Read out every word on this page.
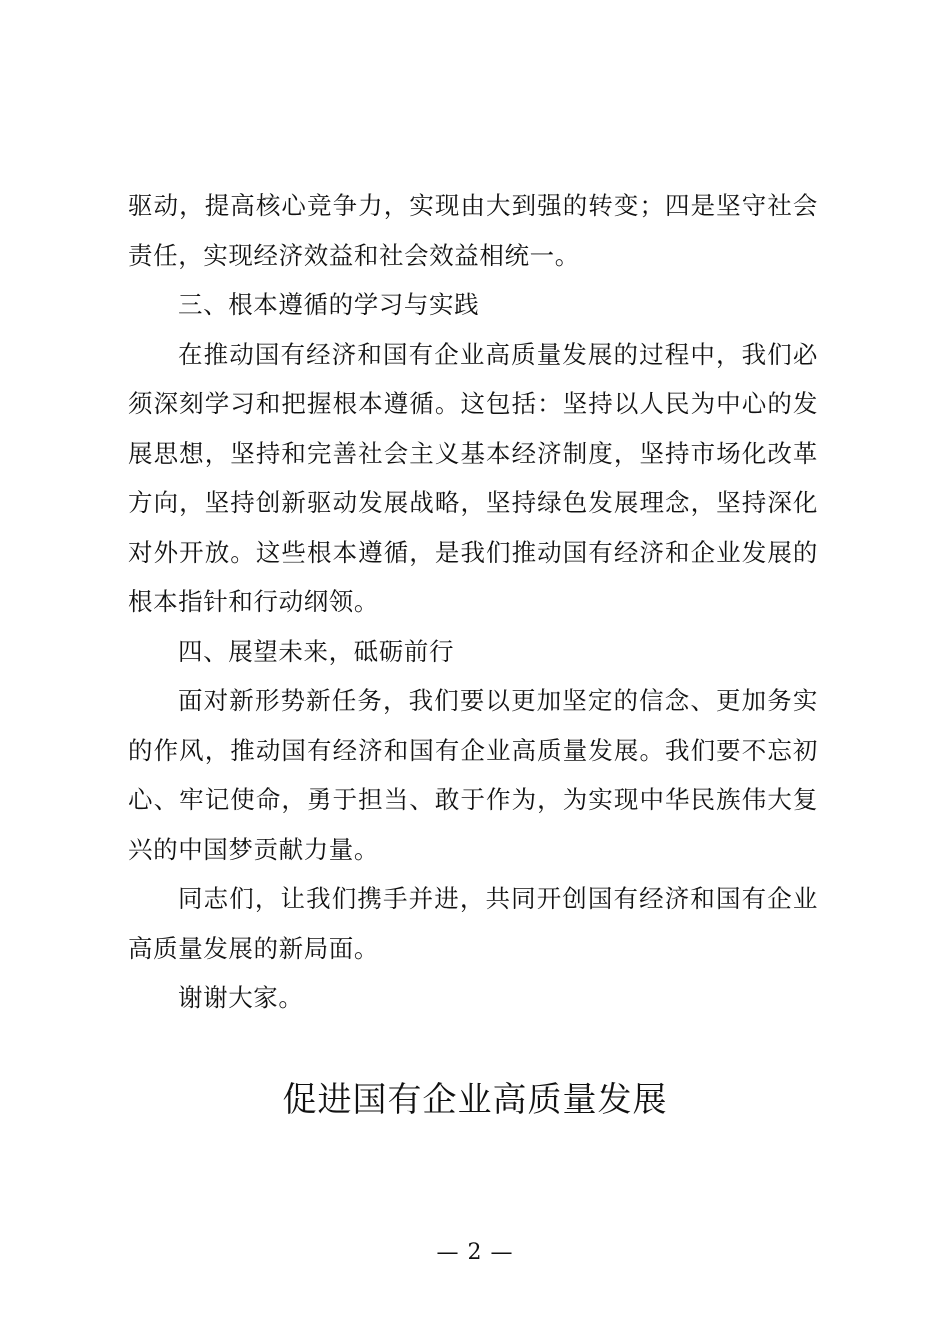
驱动，提高核心竞争力，实现由大到强的转变；四是坚守社会责任，实现经济效益和社会效益相统一。

三、根本遵循的学习与实践

在推动国有经济和国有企业高质量发展的过程中，我们必须深刻学习和把握根本遵循。这包括：坚持以人民为中心的发展思想，坚持和完善社会主义基本经济制度，坚持市场化改革方向，坚持创新驱动发展战略，坚持绿色发展理念，坚持深化对外开放。这些根本遵循，是我们推动国有经济和企业发展的根本指针和行动纲领。

四、展望未来，砥砺前行

面对新形势新任务，我们要以更加坚定的信念、更加务实的作风，推动国有经济和国有企业高质量发展。我们要不忘初心、牢记使命，勇于担当、敢于作为，为实现中华民族伟大复兴的中国梦贡献力量。

同志们，让我们携手并进，共同开创国有经济和国有企业高质量发展的新局面。

谢谢大家。

促进国有企业高质量发展
— 2 —
